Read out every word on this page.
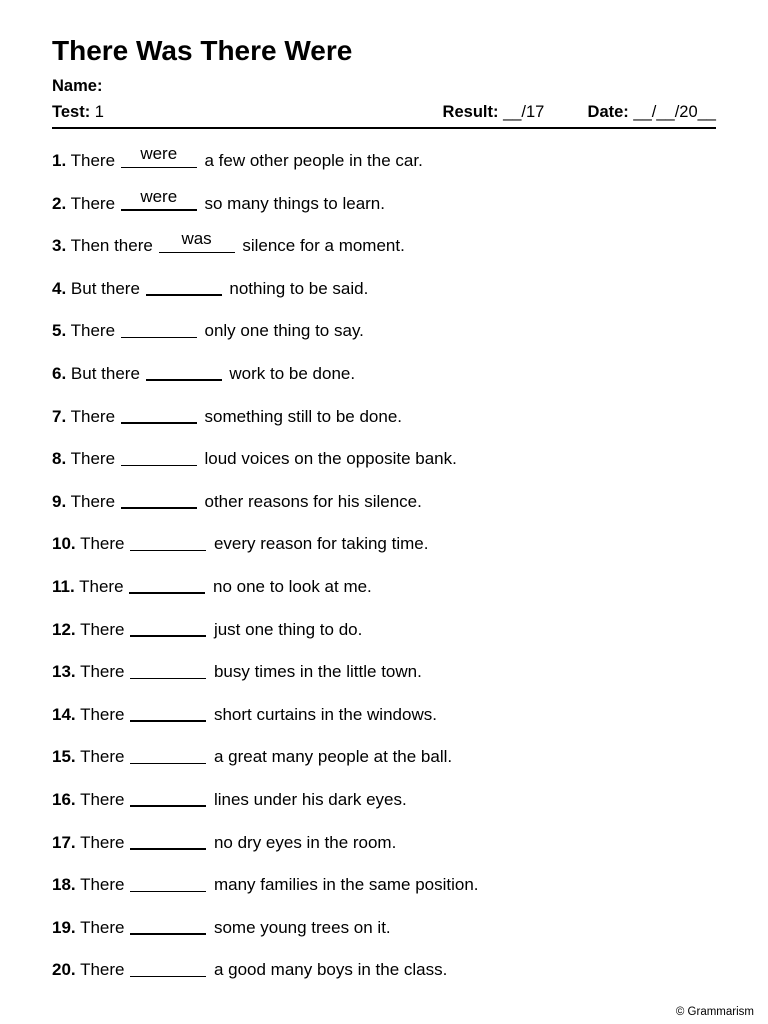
There Was There Were
Name:
Test: 1	Result: __/17	Date: __/__/20__
1. There	were	a few other people in the car.
2. There	were	so many things to learn.
3. Then there	was	silence for a moment.
4. But there	nothing to be said.
5. There	only one thing to say.
6. But there	work to be done.
7. There	something still to be done.
8. There	loud voices on the opposite bank.
9. There	other reasons for his silence.
10. There	every reason for taking time.
11. There	no one to look at me.
12. There	just one thing to do.
13. There	busy times in the little town.
14. There	short curtains in the windows.
15. There	a great many people at the ball.
16. There	lines under his dark eyes.
17. There	no dry eyes in the room.
18. There	many families in the same position.
19. There	some young trees on it.
20. There	a good many boys in the class.
© Grammarism
